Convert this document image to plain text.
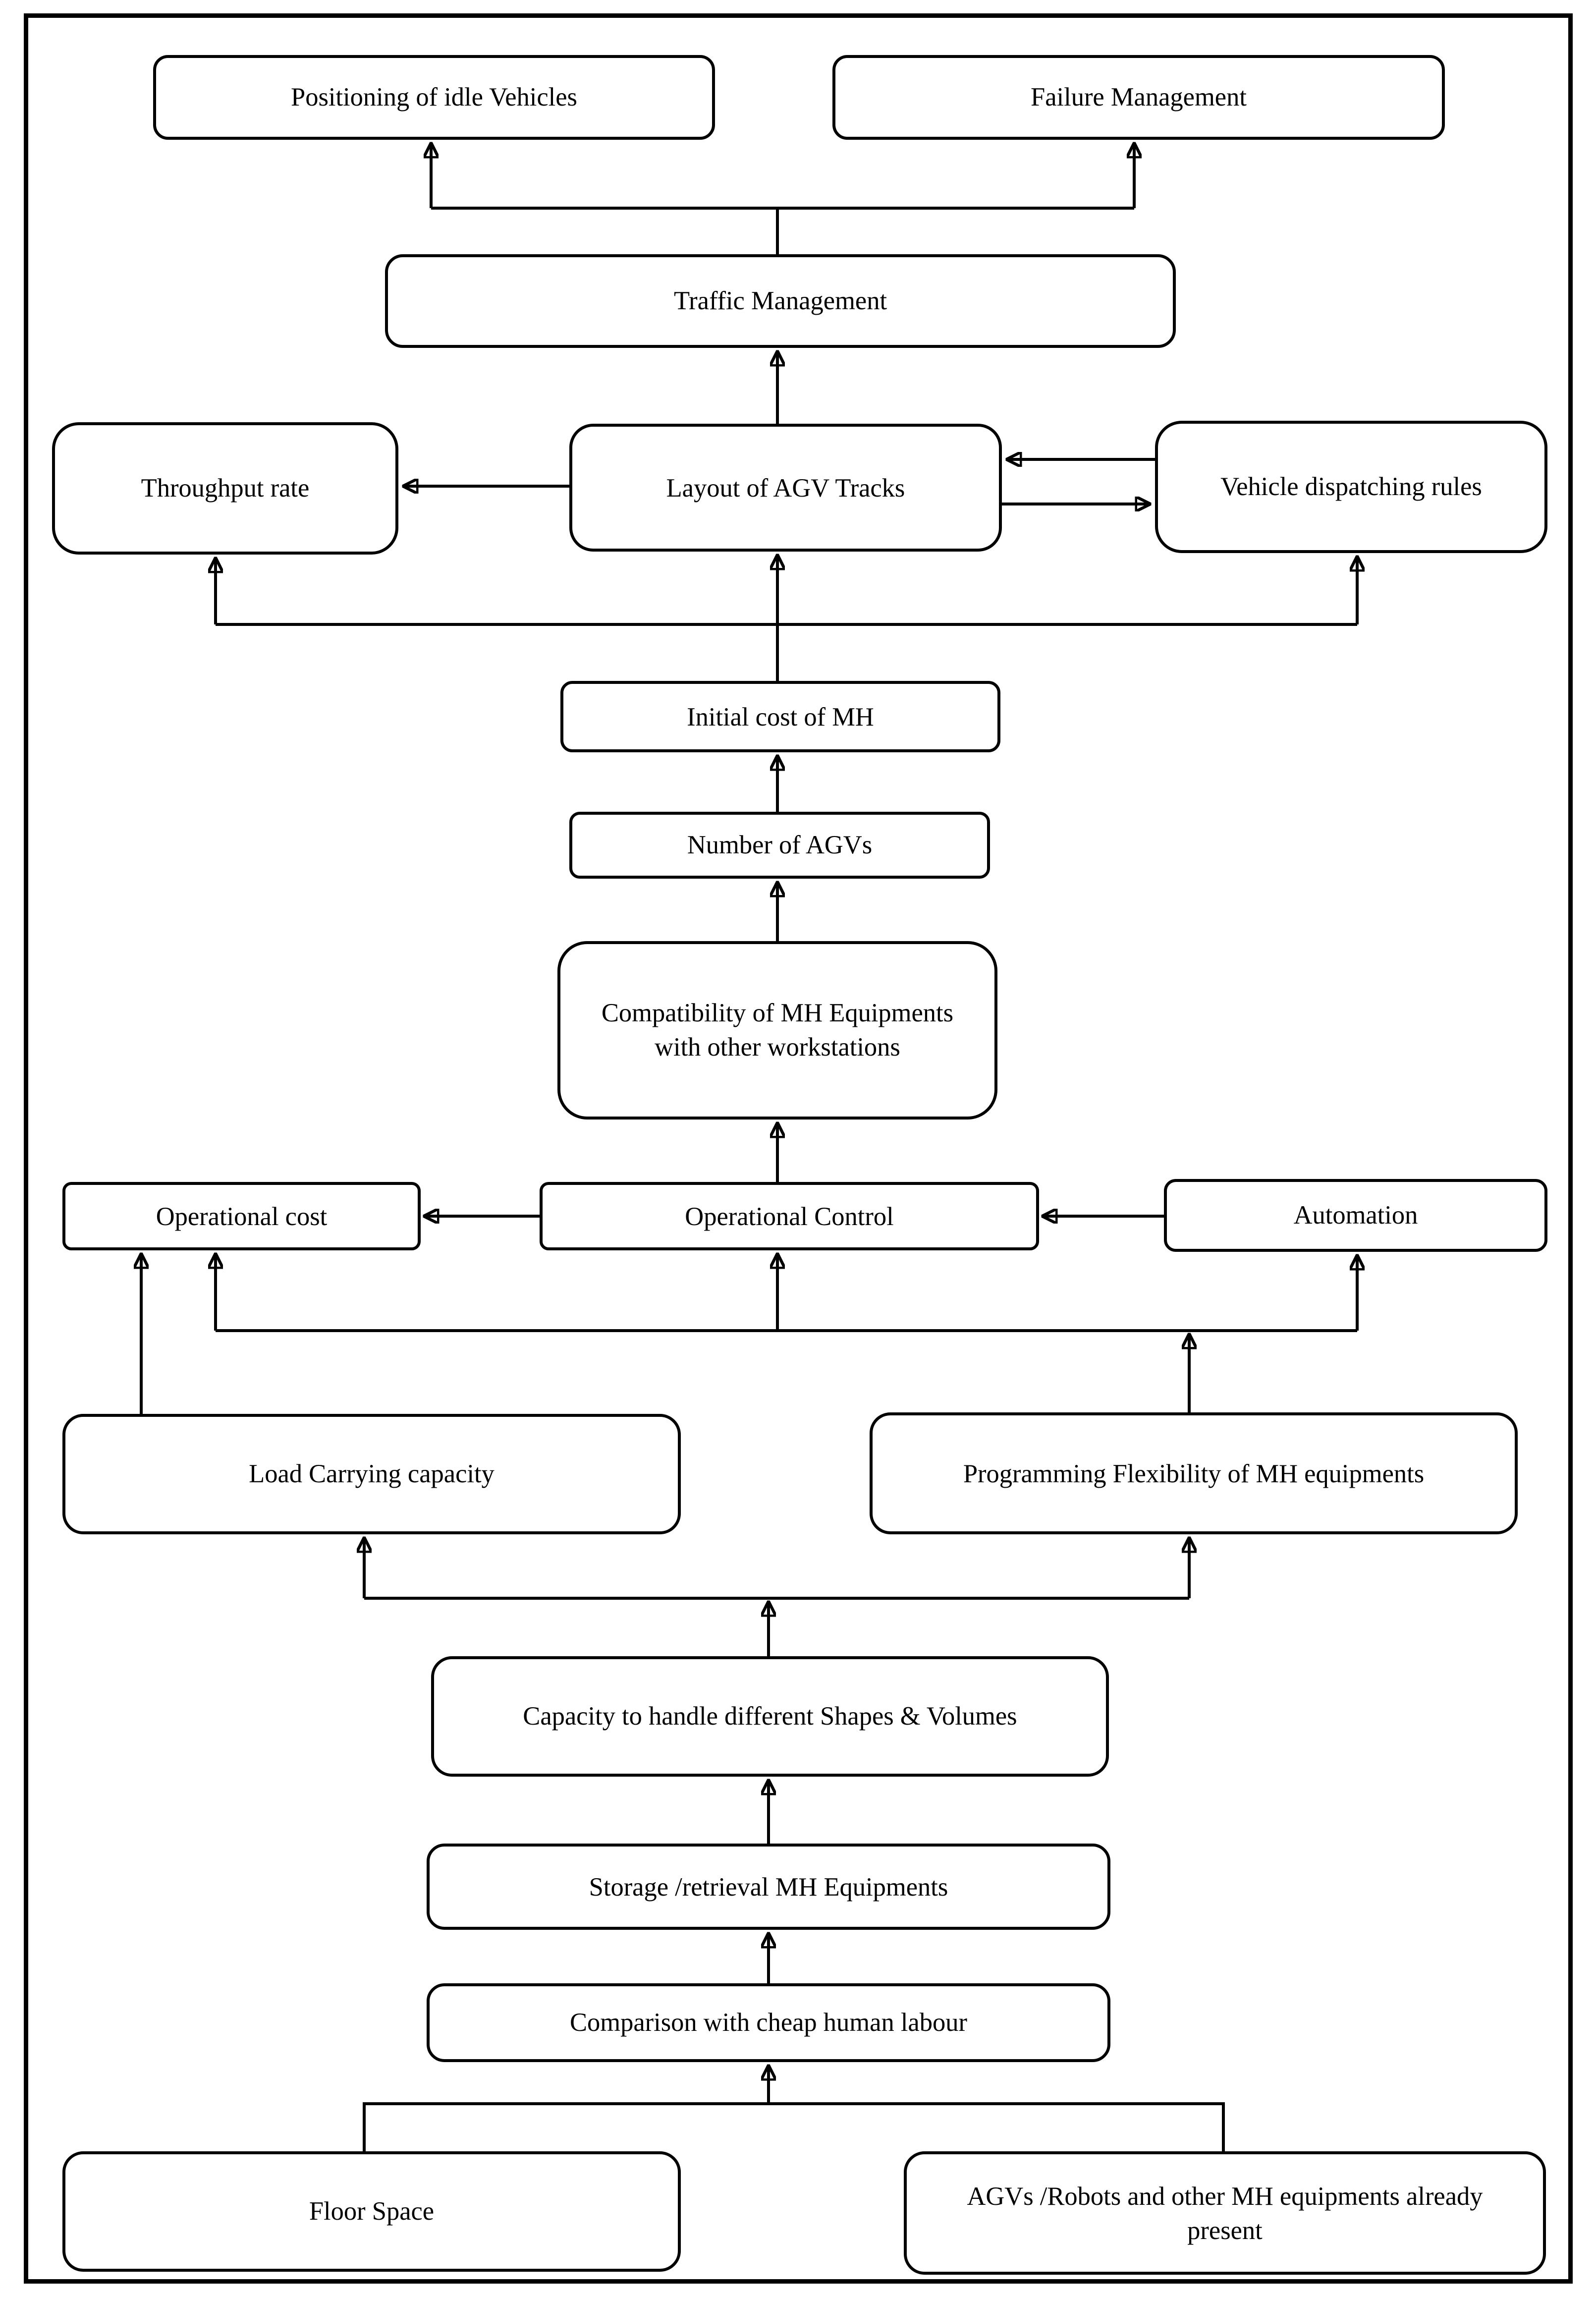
Positioning of idle Vehicles	Failure Management
Traffic Management
Throughput rate	Layout of AGV Tracks	Vehicle dispatching rules
Initial cost of MH
Number of AGVs
Compatibility of MH Equipments with other workstations
Operational cost	Operational Control	Automation
Load Carrying capacity	Programming Flexibility of MH equipments
Capacity to handle different Shapes & Volumes
Storage /retrieval MH Equipments
Comparison with cheap human labour
Floor Space
AGVs /Robots and other MH equipments already present
